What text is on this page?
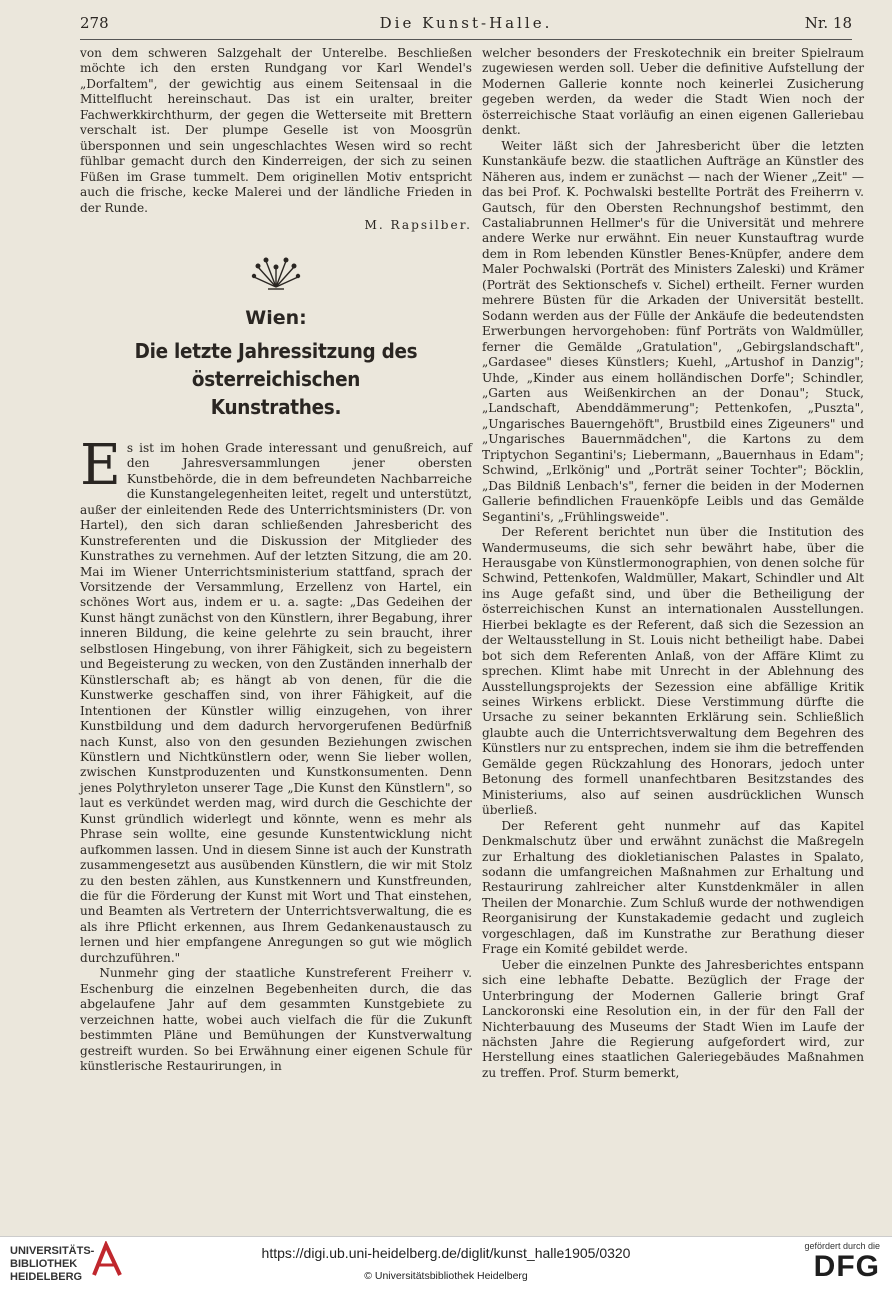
278	Die Kunst-Halle.	Nr. 18

von dem schweren Salzgehalt der Unterelbe. Beschließen möchte ich den ersten Rundgang vor Karl Wendel's „Dorfaltem", der gewichtig aus einem Seitensaal in die Mittelflucht hereinschaut. Das ist ein uralter, breiter Fachwerkkirchthurm, der gegen die Wetterseite mit Brettern verschalt ist. Der plumpe Geselle ist von Moosgrün übersponnen und sein ungeschlachtes Wesen wird so recht fühlbar gemacht durch den Kinderreigen, der sich zu seinen Füßen im Grase tummelt. Dem originellen Motiv entspricht auch die frische, kecke Malerei und der ländliche Frieden in der Runde.

M. Rapsilber.
Wien:
Die letzte Jahressitzung des österreichischen
Kunstrathes.

E s ist im hohen Grade interessant und genußreich, auf den Jahresversammlungen jener obersten Kunstbehörde, die in dem befreundeten Nachbarreiche die Kunstangelegenheiten leitet, regelt und unterstützt, außer der einleitenden Rede des Unterrichtsministers (Dr. von Hartel), den sich daran schließenden Jahresbericht des Kunstreferenten und die Diskussion der Mitglieder des Kunstrathes zu vernehmen. Auf der letzten Sitzung, die am 20. Mai im Wiener Unterrichtsministerium stattfand, sprach der Vorsitzende der Versammlung, Erzellenz von Hartel, ein schönes Wort aus, indem er u. a. sagte: „Das Gedeihen der Kunst hängt zunächst von den Künstlern, ihrer Begabung, ihrer inneren Bildung, die keine gelehrte zu sein braucht, ihrer selbstlosen Hingebung, von ihrer Fähigkeit, sich zu begeistern und Begeisterung zu wecken, von den Zuständen innerhalb der Künstlerschaft ab; es hängt ab von denen, für die die Kunstwerke geschaffen sind, von ihrer Fähigkeit, auf die Intentionen der Künstler willig einzugehen, von ihrer Kunstbildung und dem dadurch hervorgerufenen Bedürfniß nach Kunst, also von den gesunden Beziehungen zwischen Künstlern und Nichtkünstlern oder, wenn Sie lieber wollen, zwischen Kunstproduzenten und Kunstkonsumenten. Denn jenes Polythryleton unserer Tage „Die Kunst den Künstlern", so laut es verkündet werden mag, wird durch die Geschichte der Kunst gründlich widerlegt und könnte, wenn es mehr als Phrase sein wollte, eine gesunde Kunstentwicklung nicht aufkommen lassen. Und in diesem Sinne ist auch der Kunstrath zusammengesetzt aus ausübenden Künstlern, die wir mit Stolz zu den besten zählen, aus Kunstkennern und Kunstfreunden, die für die Förderung der Kunst mit Wort und That einstehen, und Beamten als Vertretern der Unterrichtsverwaltung, die es als ihre Pflicht erkennen, aus Ihrem Gedankenaustausch zu lernen und hier empfangene Anregungen so gut wie möglich durchzuführen."

Nunmehr ging der staatliche Kunstreferent Freiherr v. Eschenburg die einzelnen Begebenheiten durch, die das abgelaufene Jahr auf dem gesammten Kunstgebiete zu verzeichnen hatte, wobei auch vielfach die für die Zukunft bestimmten Pläne und Bemühungen der Kunstverwaltung gestreift wurden. So bei Erwähnung einer eigenen Schule für künstlerische Restaurirungen, in

welcher besonders der Freskotechnik ein breiter Spielraum zugewiesen werden soll. Ueber die definitive Aufstellung der Modernen Gallerie konnte noch keinerlei Zusicherung gegeben werden, da weder die Stadt Wien noch der österreichische Staat vorläufig an einen eigenen Galleriebau denkt.

Weiter läßt sich der Jahresbericht über die letzten Kunstankäufe bezw. die staatlichen Aufträge an Künstler des Näheren aus, indem er zunächst — nach der Wiener „Zeit" — das bei Prof. K. Pochwalski bestellte Porträt des Freiherrn v. Gautsch, für den Obersten Rechnungshof bestimmt, den Castaliabrunnen Hellmer's für die Universität und mehrere andere Werke nur erwähnt. Ein neuer Kunstauftrag wurde dem in Rom lebenden Künstler Benes-Knüpfer, andere dem Maler Pochwalski (Porträt des Ministers Zaleski) und Krämer (Porträt des Sektionschefs v. Sichel) ertheilt. Ferner wurden mehrere Büsten für die Arkaden der Universität bestellt. Sodann werden aus der Fülle der Ankäufe die bedeutendsten Erwerbungen hervorgehoben: fünf Porträts von Waldmüller, ferner die Gemälde „Gratulation", „Gebirgslandschaft", „Gardasee" dieses Künstlers; Kuehl, „Artushof in Danzig"; Uhde, „Kinder aus einem holländischen Dorfe"; Schindler, „Garten aus Weißenkirchen an der Donau"; Stuck, „Landschaft, Abenddämmerung"; Pettenkofen, „Puszta", „Ungarisches Bauerngehöft", Brustbild eines Zigeuners" und „Ungarisches Bauernmädchen", die Kartons zu dem Triptychon Segantini's; Liebermann, „Bauernhaus in Edam"; Schwind, „Erlkönig" und „Porträt seiner Tochter"; Böcklin, „Das Bildniß Lenbach's", ferner die beiden in der Modernen Gallerie befindlichen Frauenköpfe Leibls und das Gemälde Segantini's, „Frühlingsweide".

Der Referent berichtet nun über die Institution des Wandermuseums, die sich sehr bewährt habe, über die Herausgabe von Künstlermonographien, von denen solche für Schwind, Pettenkofen, Waldmüller, Makart, Schindler und Alt ins Auge gefaßt sind, und über die Betheiligung der österreichischen Kunst an internationalen Ausstellungen. Hierbei beklagte es der Referent, daß sich die Sezession an der Weltausstellung in St. Louis nicht betheiligt habe. Dabei bot sich dem Referenten Anlaß, von der Affäre Klimt zu sprechen. Klimt habe mit Unrecht in der Ablehnung des Ausstellungsprojekts der Sezession eine abfällige Kritik seines Wirkens erblickt. Diese Verstimmung dürfte die Ursache zu seiner bekannten Erklärung sein. Schließlich glaubte auch die Unterrichtsverwaltung dem Begehren des Künstlers nur zu entsprechen, indem sie ihm die betreffenden Gemälde gegen Rückzahlung des Honorars, jedoch unter Betonung des formell unanfechtbaren Besitzstandes des Ministeriums, also auf seinen ausdrücklichen Wunsch überließ.

Der Referent geht nunmehr auf das Kapitel Denkmalschutz über und erwähnt zunächst die Maßregeln zur Erhaltung des diokletianischen Palastes in Spalato, sodann die umfangreichen Maßnahmen zur Erhaltung und Restaurirung zahlreicher alter Kunstdenkmäler in allen Theilen der Monarchie. Zum Schluß wurde der nothwendigen Reorganisirung der Kunstakademie gedacht und zugleich vorgeschlagen, daß im Kunstrathe zur Berathung dieser Frage ein Komité gebildet werde.

Ueber die einzelnen Punkte des Jahresberichtes entspann sich eine lebhafte Debatte. Bezüglich der Frage der Unterbringung der Modernen Gallerie bringt Graf Lanckoronski eine Resolution ein, in der für den Fall der Nichterbauung des Museums der Stadt Wien im Laufe der nächsten Jahre die Regierung aufgefordert wird, zur Herstellung eines staatlichen Galeriegebäudes Maßnahmen zu treffen. Prof. Sturm bemerkt,

UNIVERSITÄTS-
BIBLIOTHEK
HEIDELBERG
https://digi.ub.uni-heidelberg.de/diglit/kunst_halle1905/0320
© Universitätsbibliothek Heidelberg
gefördert durch die
DFG
